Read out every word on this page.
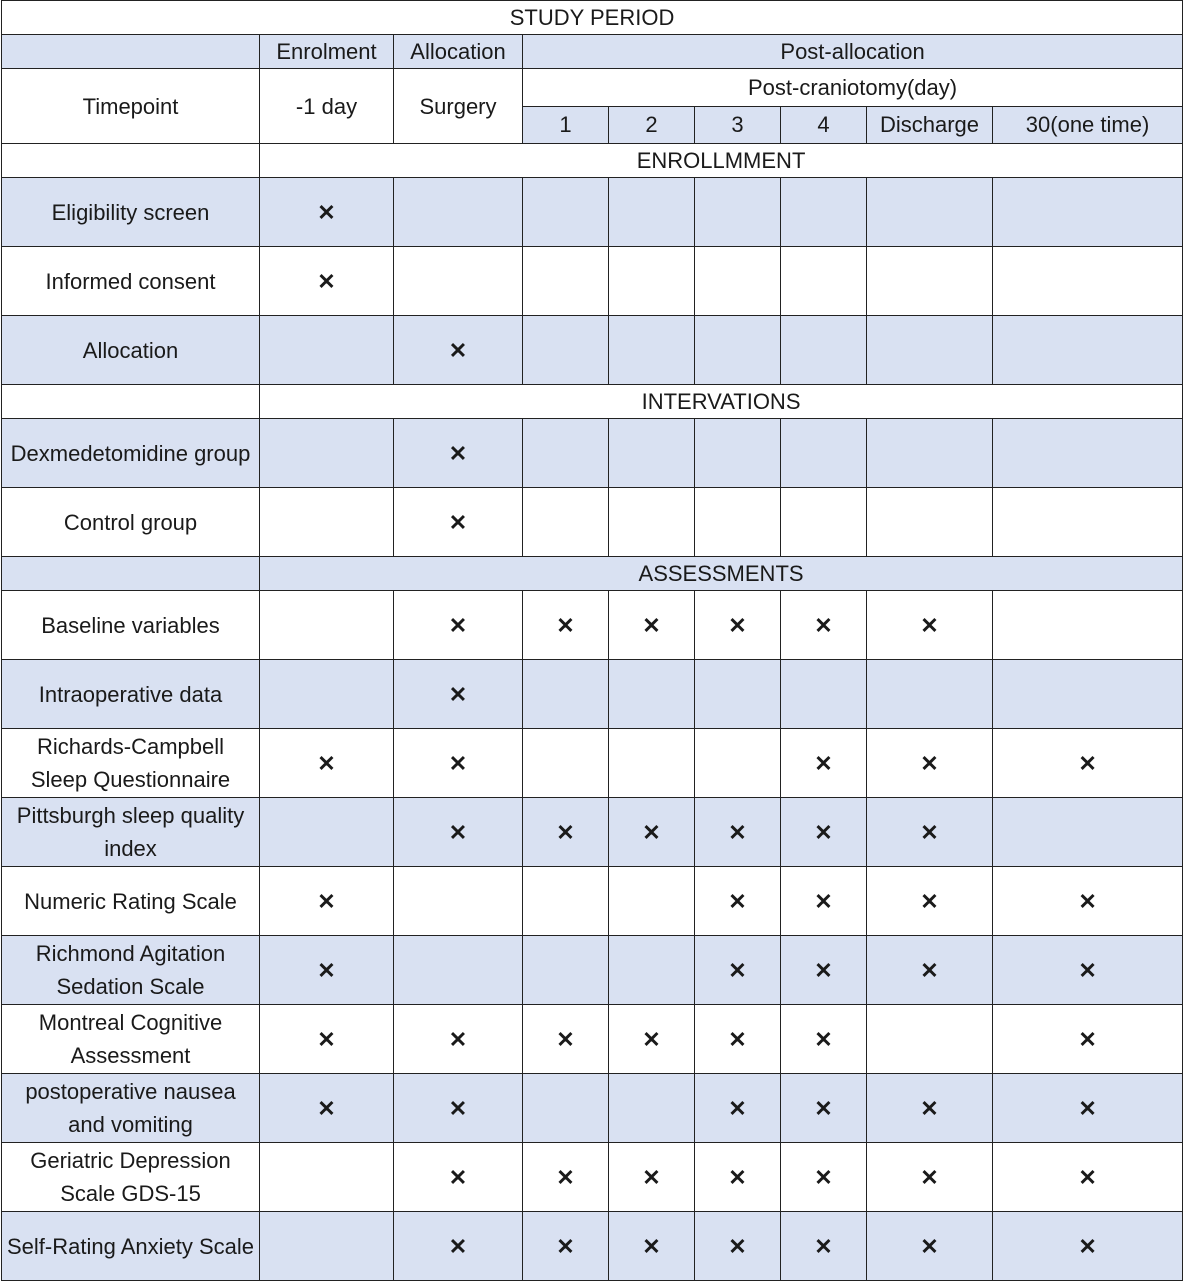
STUDY PERIOD								
	Enrolment	Allocation	Post-allocation					
Timepoint	-1 day	Surgery	Post-craniotomy(day)					
			1	2	3	4	Discharge	30(one time)
	ENROLLMMENT							
Eligibility screen	✕							
Informed consent	✕							
Allocation		✕						
	INTERVATIONS							
Dexmedetomidine group		✕						
Control group		✕						
	ASSESSMENTS							
Baseline variables		✕	✕	✕	✕	✕	✕	
Intraoperative data		✕						
Richards-Campbell Sleep Questionnaire	✕	✕				✕	✕	✕
Pittsburgh sleep quality index		✕	✕	✕	✕	✕	✕	
Numeric Rating Scale	✕				✕	✕	✕	✕
Richmond Agitation Sedation Scale	✕				✕	✕	✕	✕
Montreal Cognitive Assessment	✕	✕	✕	✕	✕	✕		✕
postoperative nausea and vomiting	✕	✕			✕	✕	✕	✕
Geriatric Depression Scale GDS-15		✕	✕	✕	✕	✕	✕	✕
Self-Rating Anxiety Scale		✕	✕	✕	✕	✕	✕	✕
